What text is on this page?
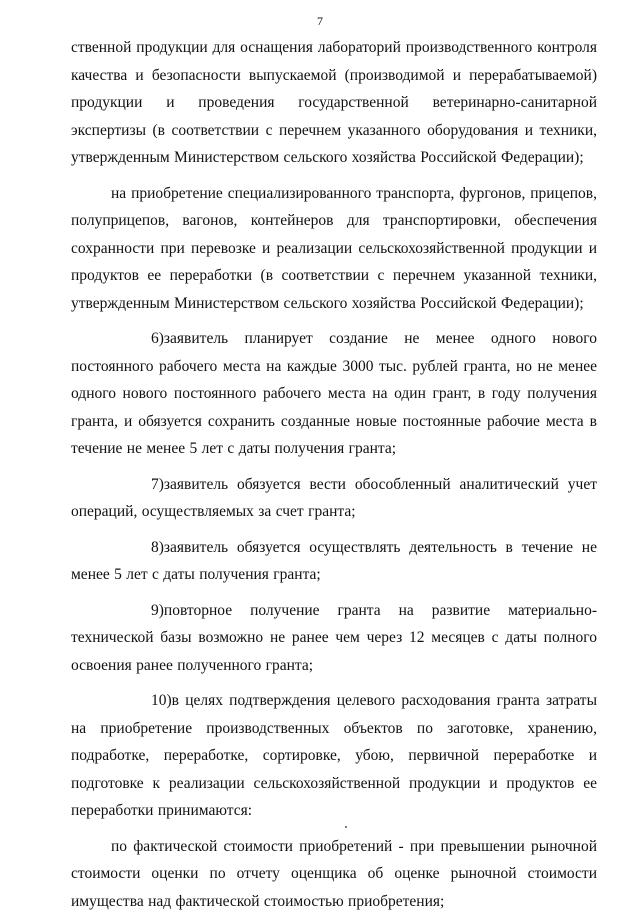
7

ственной продукции для оснащения лабораторий производственного контроля качества и безопасности выпускаемой (производимой и перерабатываемой) продукции и проведения государственной ветеринарно-санитарной экспертизы (в соответствии с перечнем указанного оборудования и техники, утвержденным Министерством сельского хозяйства Российской Федерации);

на приобретение специализированного транспорта, фургонов, прицепов, полуприцепов, вагонов, контейнеров для транспортировки, обеспечения сохранности при перевозке и реализации сельскохозяйственной продукции и продуктов ее переработки (в соответствии с перечнем указанной техники, утвержденным Министерством сельского хозяйства Российской Федерации);

6)заявитель планирует создание не менее одного нового постоянного рабочего места на каждые 3000 тыс. рублей гранта, но не менее одного нового постоянного рабочего места на один грант, в году получения гранта, и обязуется сохранить созданные новые постоянные рабочие места в течение не менее 5 лет с даты получения гранта;

7)заявитель обязуется вести обособленный аналитический учет операций, осуществляемых за счет гранта;

8)заявитель обязуется осуществлять деятельность в течение не менее 5 лет с даты получения гранта;

9)повторное получение гранта на развитие материально-технической базы возможно не ранее чем через 12 месяцев с даты полного освоения ранее полученного гранта;

10)в целях подтверждения целевого расходования гранта затраты на приобретение производственных объектов по заготовке, хранению, подработке, переработке, сортировке, убою, первичной переработке и подготовке к реализации сельскохозяйственной продукции и продуктов ее переработки принимаются:

по фактической стоимости приобретений - при превышении рыночной стоимости оценки по отчету оценщика об оценке рыночной стоимости имущества над фактической стоимостью приобретения;
